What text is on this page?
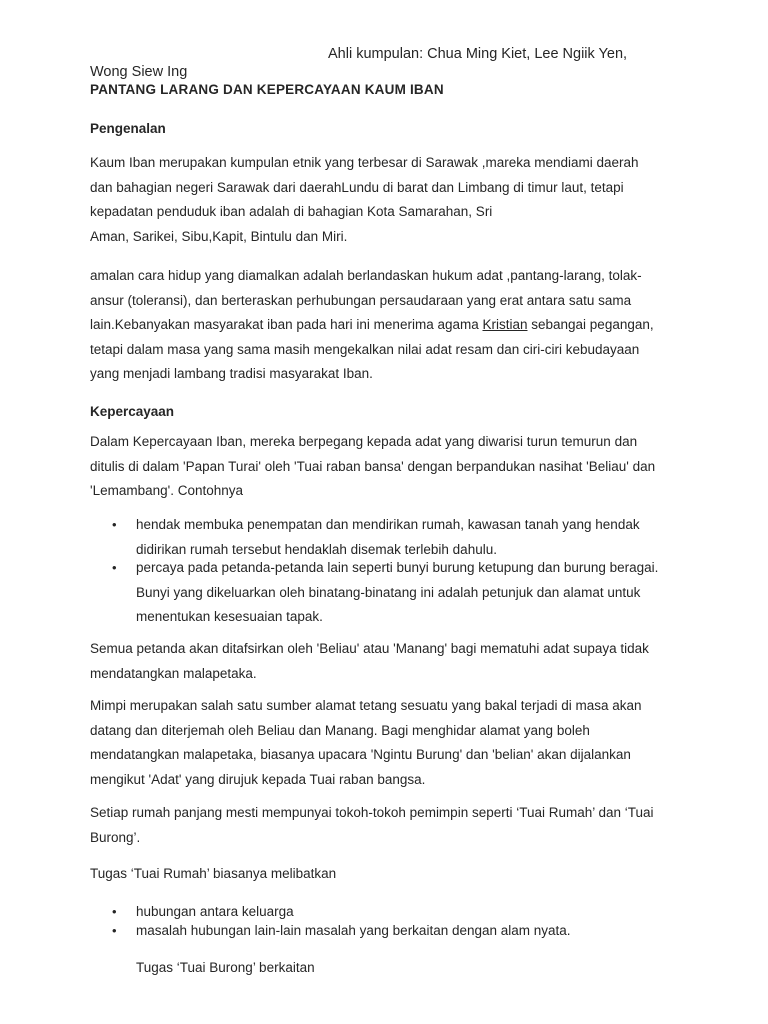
Ahli kumpulan: Chua Ming Kiet, Lee Ngiik Yen,
Wong Siew Ing
PANTANG LARANG DAN KEPERCAYAAN KAUM IBAN
Pengenalan
Kaum Iban merupakan kumpulan etnik yang terbesar di Sarawak ,mareka mendiami daerah
dan bahagian negeri Sarawak dari daerahLundu di barat dan Limbang di timur laut, tetapi
kepadatan penduduk iban adalah di bahagian Kota Samarahan, Sri
Aman, Sarikei, Sibu,Kapit, Bintulu dan Miri.
amalan cara hidup yang diamalkan adalah berlandaskan hukum adat ,pantang-larang, tolak-
ansur (toleransi), dan berteraskan perhubungan persaudaraan yang erat antara satu sama
lain.Kebanyakan masyarakat iban pada hari ini menerima agama Kristian sebangai pegangan,
tetapi dalam masa yang sama masih mengekalkan nilai adat resam dan ciri-ciri kebudayaan
yang menjadi lambang tradisi masyarakat Iban.
Kepercayaan
Dalam Kepercayaan Iban, mereka berpegang kepada adat yang diwarisi turun temurun dan
ditulis di dalam 'Papan Turai' oleh 'Tuai raban bansa' dengan berpandukan nasihat 'Beliau' dan
'Lemambang'. Contohnya
• hendak membuka penempatan dan mendirikan rumah, kawasan tanah yang hendak
didirikan rumah tersebut hendaklah disemak terlebih dahulu.
• percaya pada petanda-petanda lain seperti bunyi burung ketupung dan burung beragai.
Bunyi yang dikeluarkan oleh binatang-binatang ini adalah petunjuk dan alamat untuk
menentukan kesesuaian tapak.
Semua petanda akan ditafsirkan oleh 'Beliau' atau 'Manang' bagi mematuhi adat supaya tidak
mendatangkan malapetaka.
Mimpi merupakan salah satu sumber alamat tetang sesuatu yang bakal terjadi di masa akan
datang dan diterjemah oleh Beliau dan Manang. Bagi menghidar alamat yang boleh
mendatangkan malapetaka, biasanya upacara 'Ngintu Burung' dan 'belian' akan dijalankan
mengikut 'Adat' yang dirujuk kepada Tuai raban bangsa.
Setiap rumah panjang mesti mempunyai tokoh-tokoh pemimpin seperti ‘Tuai Rumah’ dan ‘Tuai
Burong’.
Tugas ‘Tuai Rumah’ biasanya melibatkan
• hubungan antara keluarga
• masalah hubungan lain-lain masalah yang berkaitan dengan alam nyata.
Tugas ‘Tuai Burong’ berkaitan
